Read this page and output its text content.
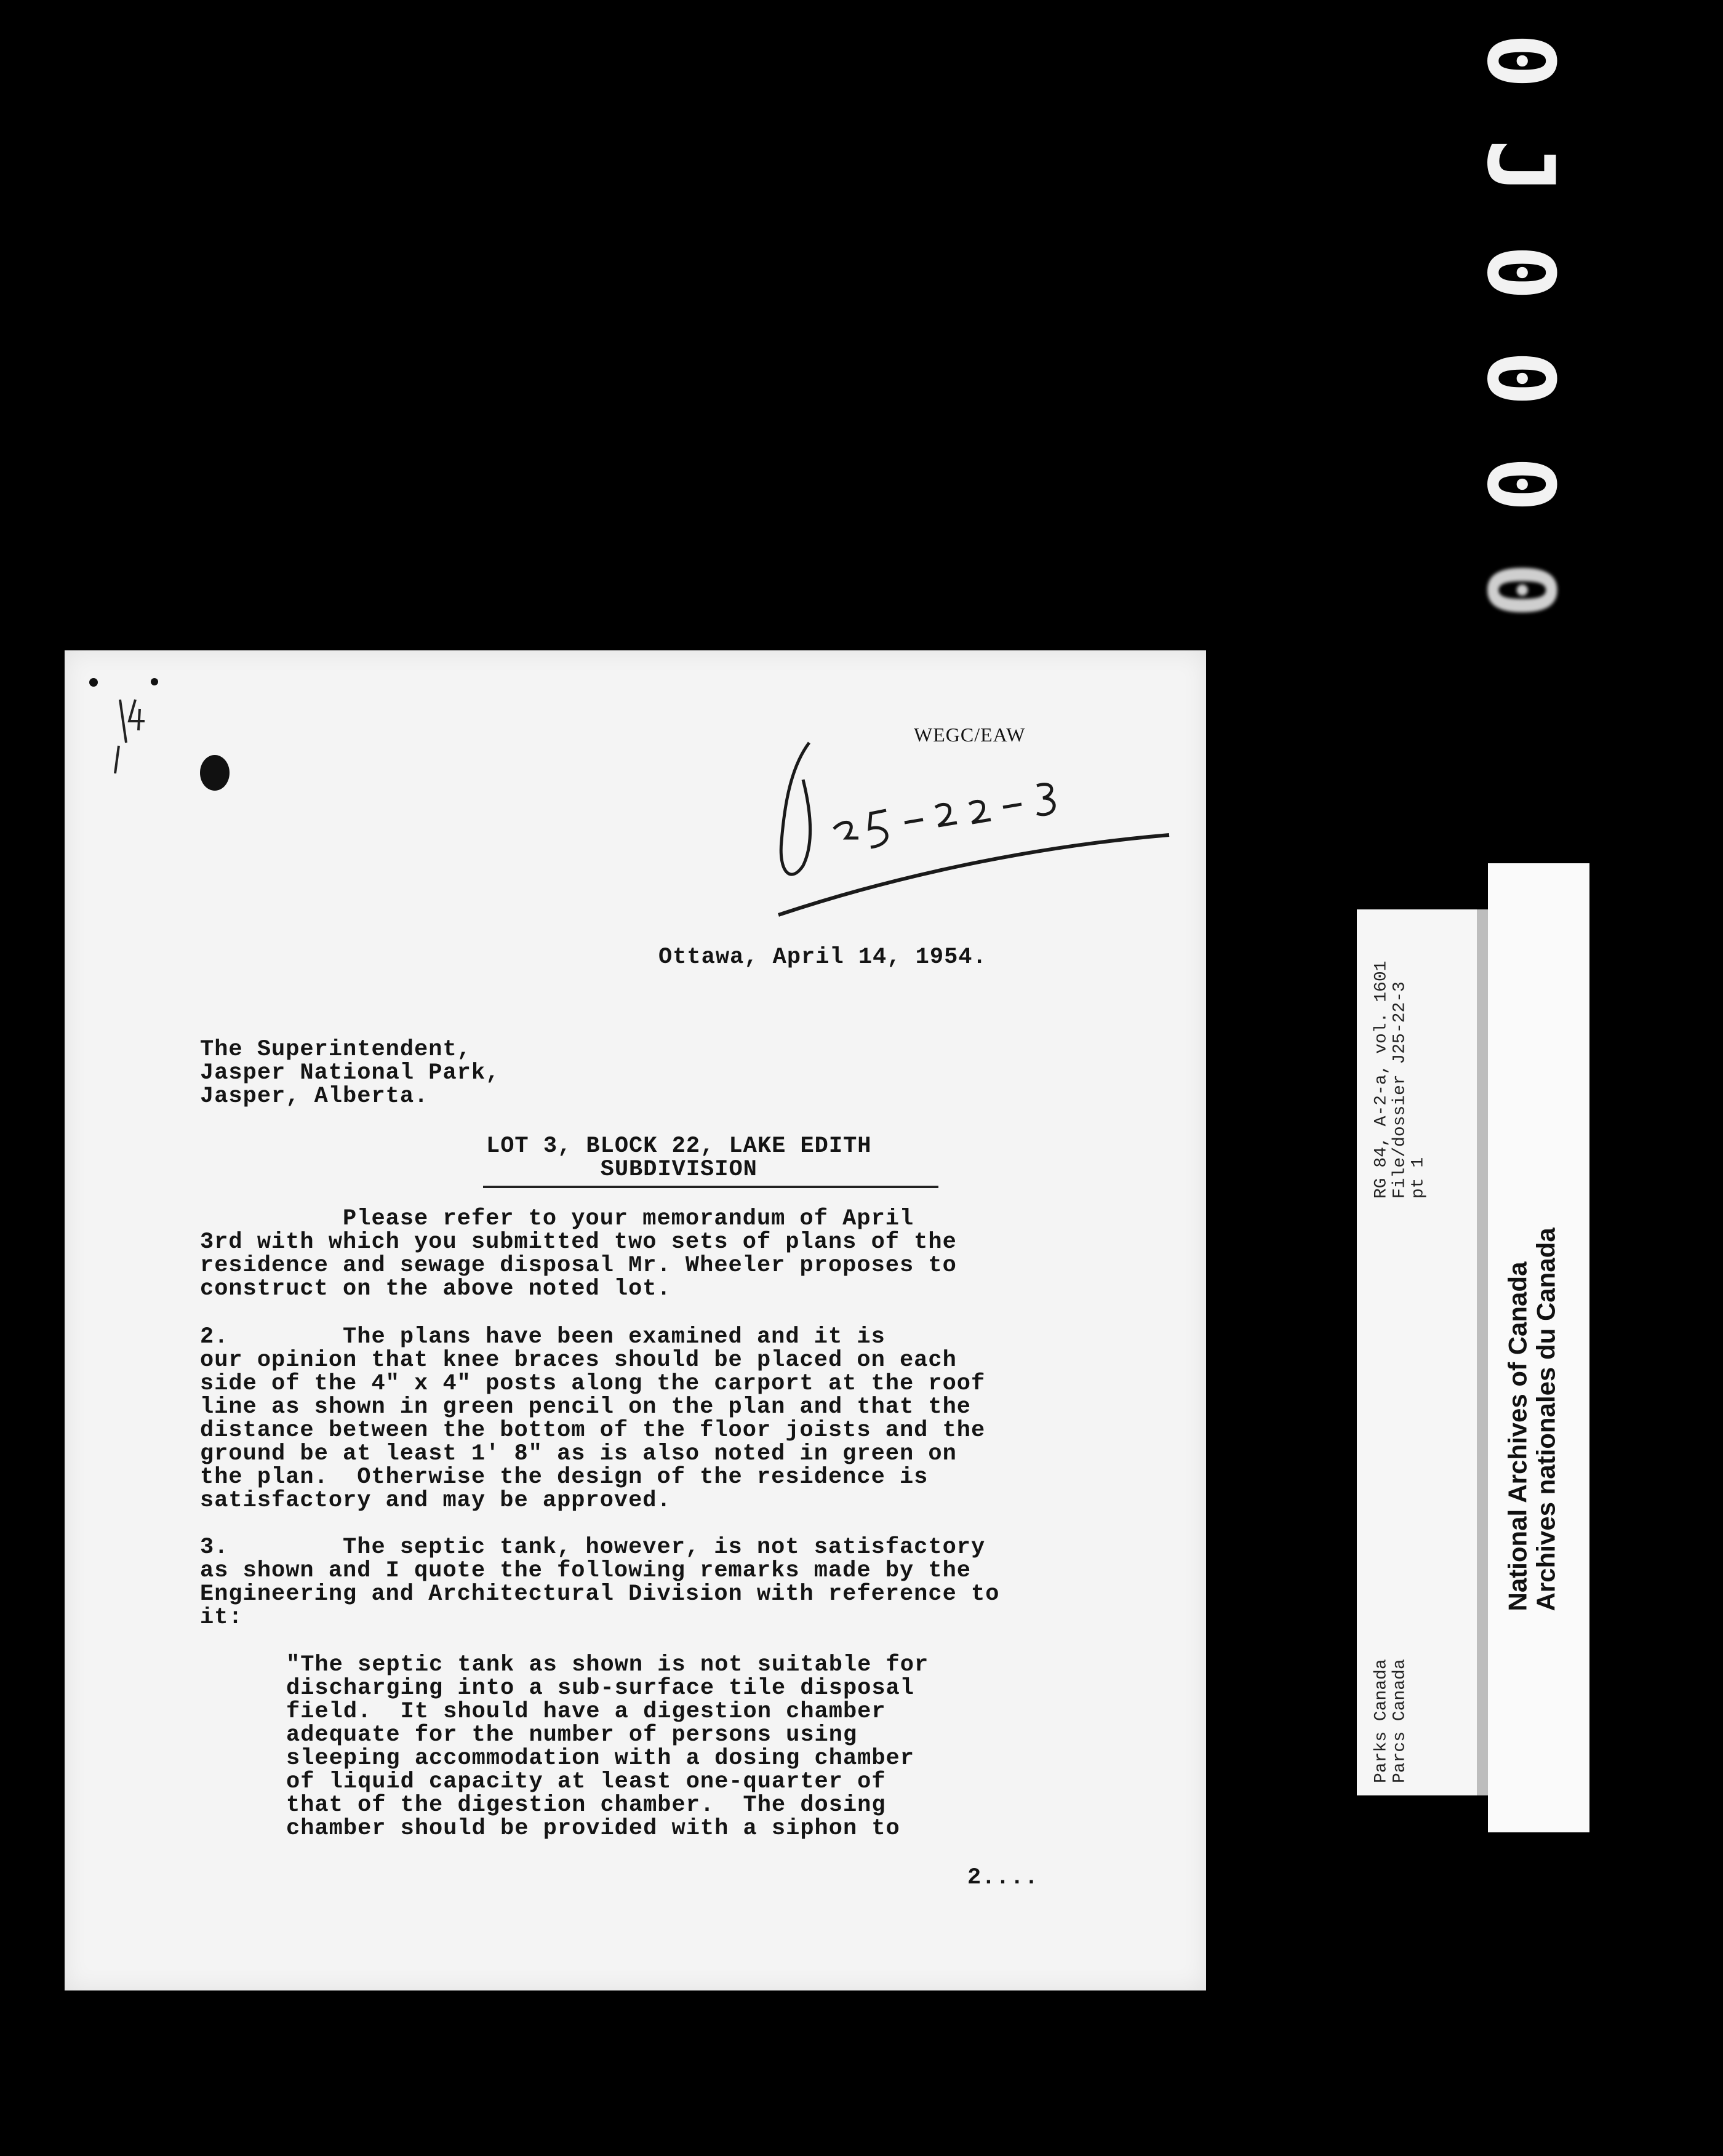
0
J
0
0
0
0
WEGC/EAW
Ottawa, April 14, 1954.
The Superintendent,
Jasper National Park,
Jasper, Alberta.
LOT 3, BLOCK 22, LAKE EDITH
SUBDIVISION
Please refer to your memorandum of April
3rd with which you submitted two sets of plans of the
residence and sewage disposal Mr. Wheeler proposes to
construct on the above noted lot.
2.        The plans have been examined and it is
our opinion that knee braces should be placed on each
side of the 4" x 4" posts along the carport at the roof
line as shown in green pencil on the plan and that the
distance between the bottom of the floor joists and the
ground be at least 1' 8" as is also noted in green on
the plan.  Otherwise the design of the residence is
satisfactory and may be approved.
3.        The septic tank, however, is not satisfactory
as shown and I quote the following remarks made by the
Engineering and Architectural Division with reference to
it:
"The septic tank as shown is not suitable for
discharging into a sub-surface tile disposal
field.  It should have a digestion chamber
adequate for the number of persons using
sleeping accommodation with a dosing chamber
of liquid capacity at least one-quarter of
that of the digestion chamber.  The dosing
chamber should be provided with a siphon to
2....
Parks Canada
Parcs Canada
RG 84, A-2-a, vol. 1601
File/dossier J25-22-3
pt 1
National Archives of Canada
Archives nationales du Canada
